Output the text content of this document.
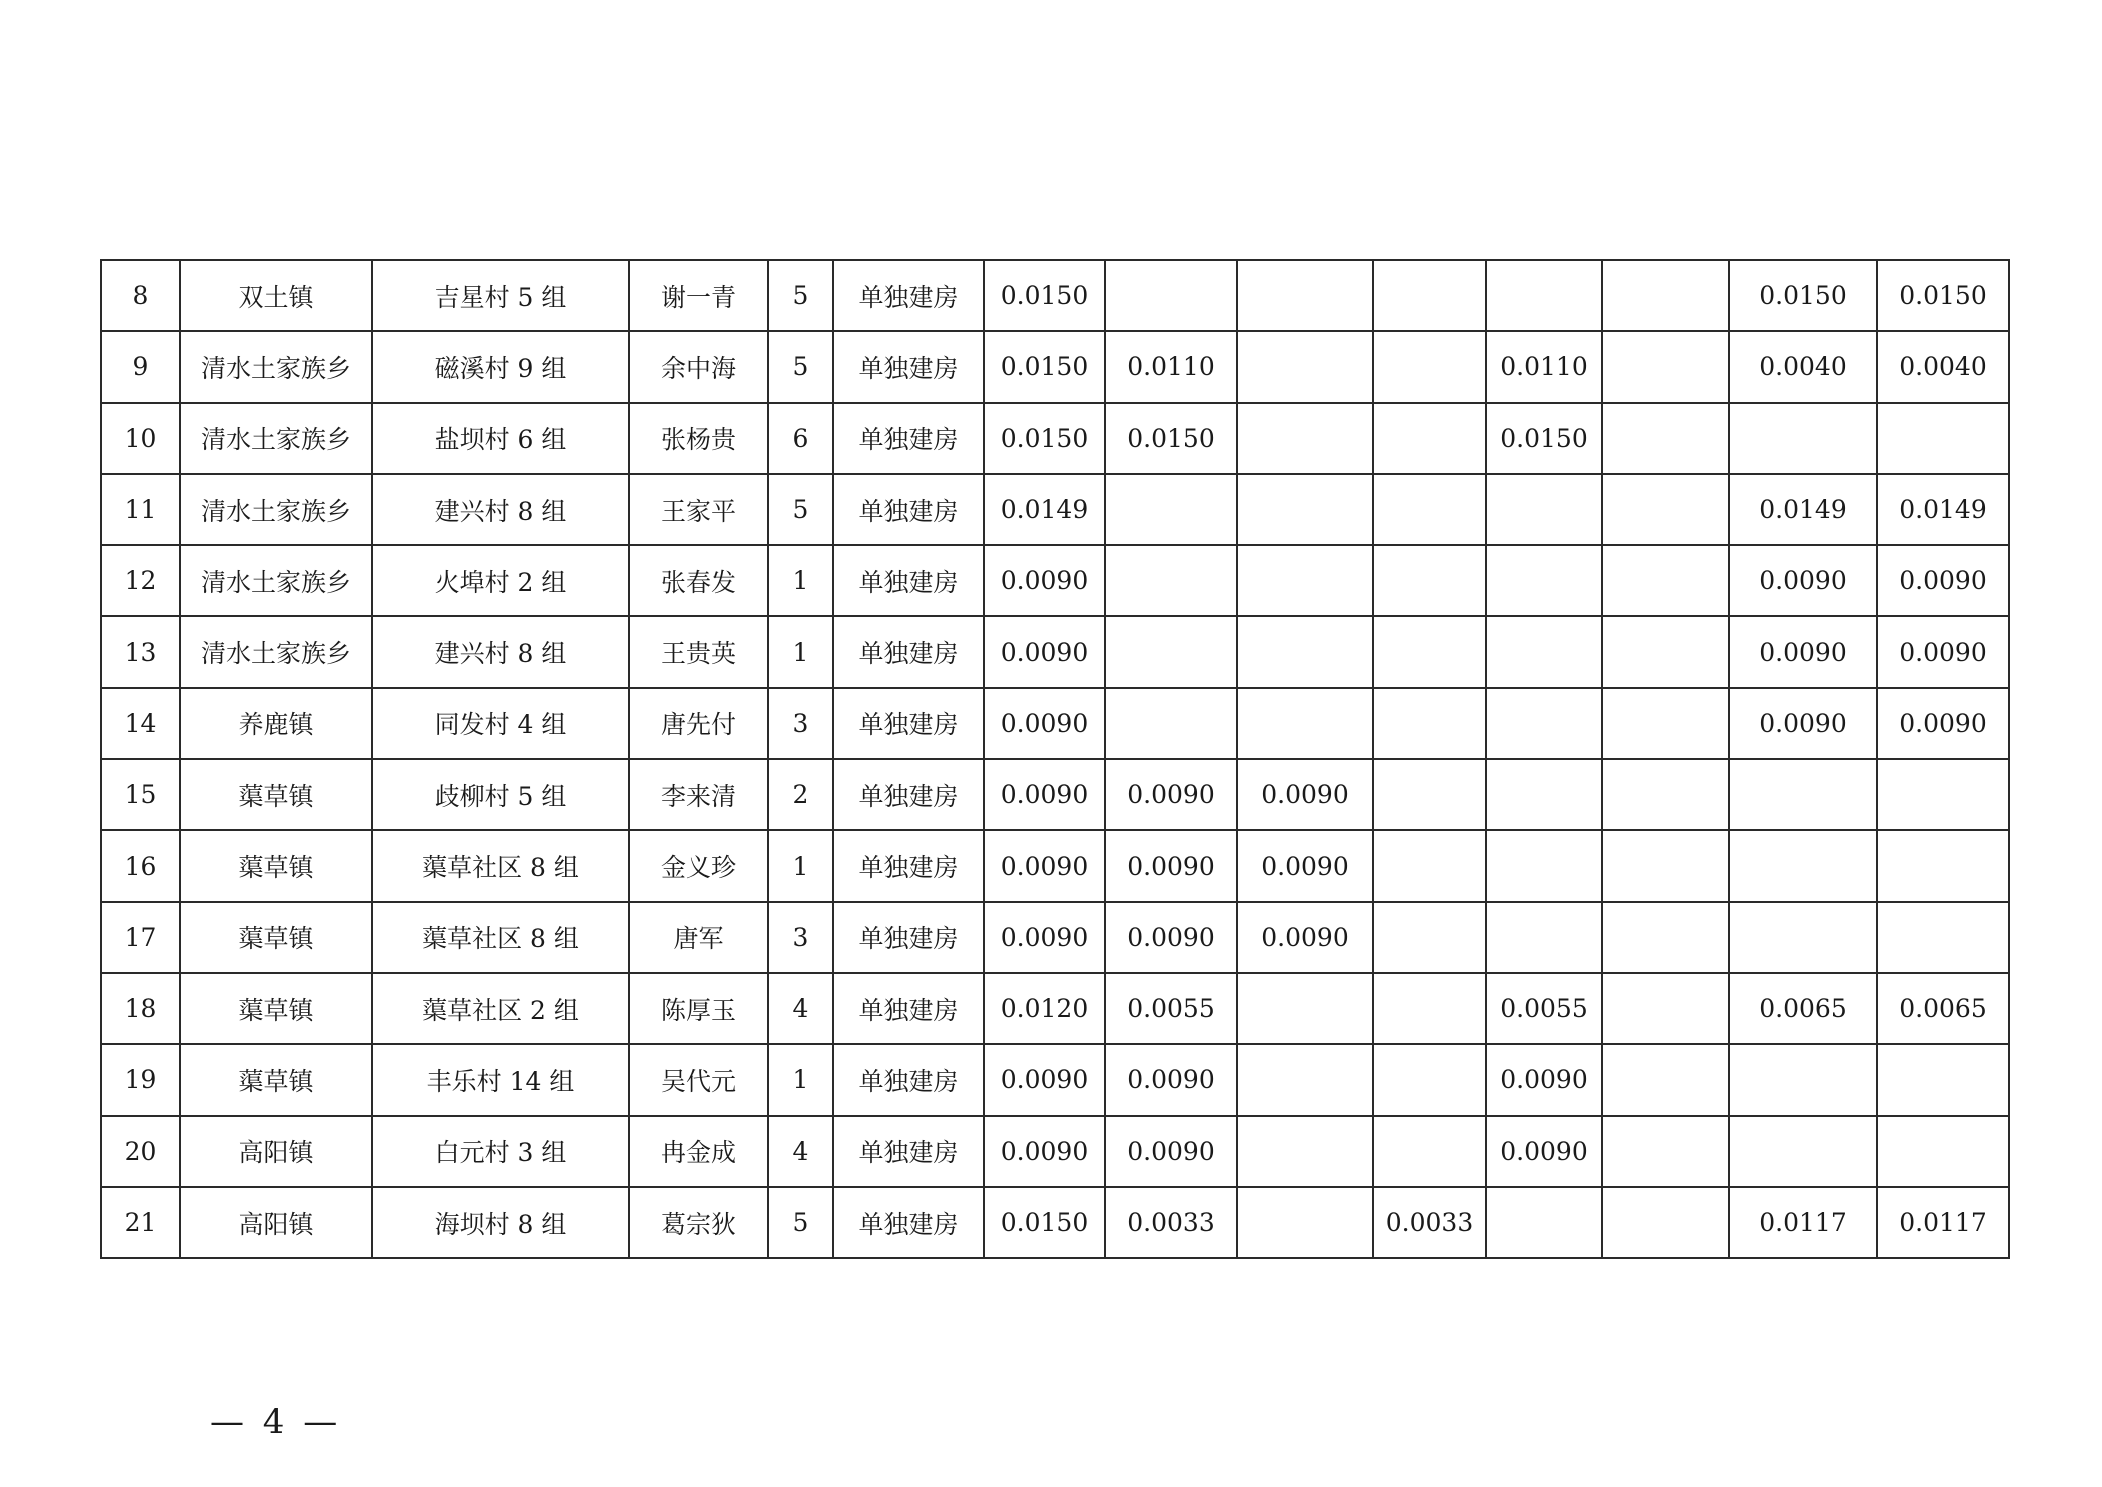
8	双土镇	吉星村 5 组	谢一青	5	单独建房	0.0150						0.0150	0.0150
9	清水土家族乡	磁溪村 9 组	余中海	5	单独建房	0.0150	0.0110			0.0110		0.0040	0.0040
10	清水土家族乡	盐坝村 6 组	张杨贵	6	单独建房	0.0150	0.0150			0.0150			
11	清水土家族乡	建兴村 8 组	王家平	5	单独建房	0.0149						0.0149	0.0149
12	清水土家族乡	火埠村 2 组	张春发	1	单独建房	0.0090						0.0090	0.0090
13	清水土家族乡	建兴村 8 组	王贵英	1	单独建房	0.0090						0.0090	0.0090
14	养鹿镇	同发村 4 组	唐先付	3	单独建房	0.0090						0.0090	0.0090
15	蕖草镇	歧柳村 5 组	李来清	2	单独建房	0.0090	0.0090	0.0090					
16	蕖草镇	蕖草社区 8 组	金义珍	1	单独建房	0.0090	0.0090	0.0090					
17	蕖草镇	蕖草社区 8 组	唐军	3	单独建房	0.0090	0.0090	0.0090					
18	蕖草镇	蕖草社区 2 组	陈厚玉	4	单独建房	0.0120	0.0055			0.0055		0.0065	0.0065
19	蕖草镇	丰乐村 14 组	吴代元	1	单独建房	0.0090	0.0090			0.0090			
20	高阳镇	白元村 3 组	冉金成	4	单独建房	0.0090	0.0090			0.0090			
21	高阳镇	海坝村 8 组	葛宗狄	5	单独建房	0.0150	0.0033		0.0033			0.0117	0.0117
— 4 —
